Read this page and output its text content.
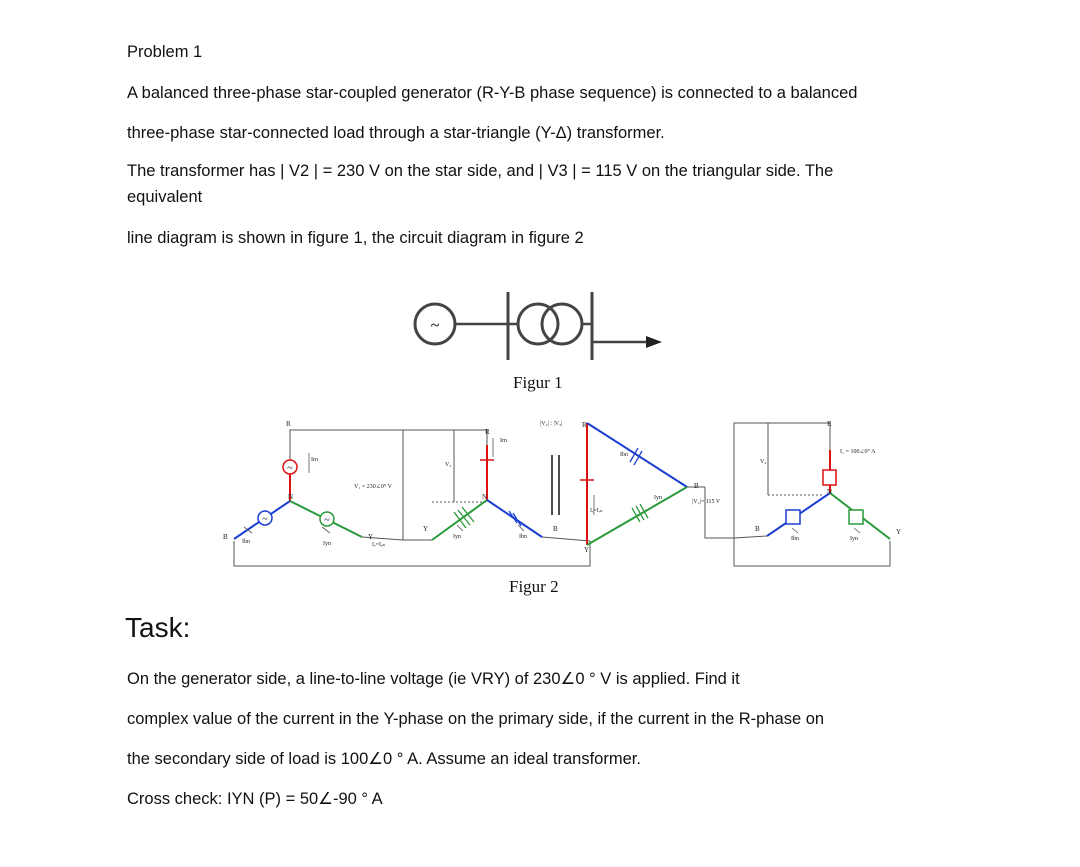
Problem 1

A balanced three-phase star-coupled generator (R-Y-B phase sequence) is connected to a balanced

three-phase star-connected load through a star-triangle (Y-Δ) transformer.

The transformer has | V2 | = 230 V on the star side, and | V3 | = 115 V on the triangular side. The

equivalent

line diagram is shown in figure 1, the circuit diagram in figure 2

~
Figur 1
~
~	~
R
N
B	Y
Irn
Ibn	Iyn
V₁ = 230∠0° V
V₂
Iᵧ=Iᵧₙ
R
Irn
N
Y
Iyn	Ibn
B
|V₂| : |V₃|	R
Y
Ibn
Iyn
Iᵣ=Iᵣₙ
B
|V₃|= 115 V
V₄
R
I₁ = 100∠0° A
N
B
Ibn	Iyn
Y
Figur 2
Task:

On the generator side, a line-to-line voltage (ie VRY) of 230∠0 ° V is applied. Find it

complex value of the current in the Y-phase on the primary side, if the current in the R-phase on

the secondary side of load is 100∠0 ° A. Assume an ideal transformer.

Cross check: IYN (P) = 50∠-90 ° A
